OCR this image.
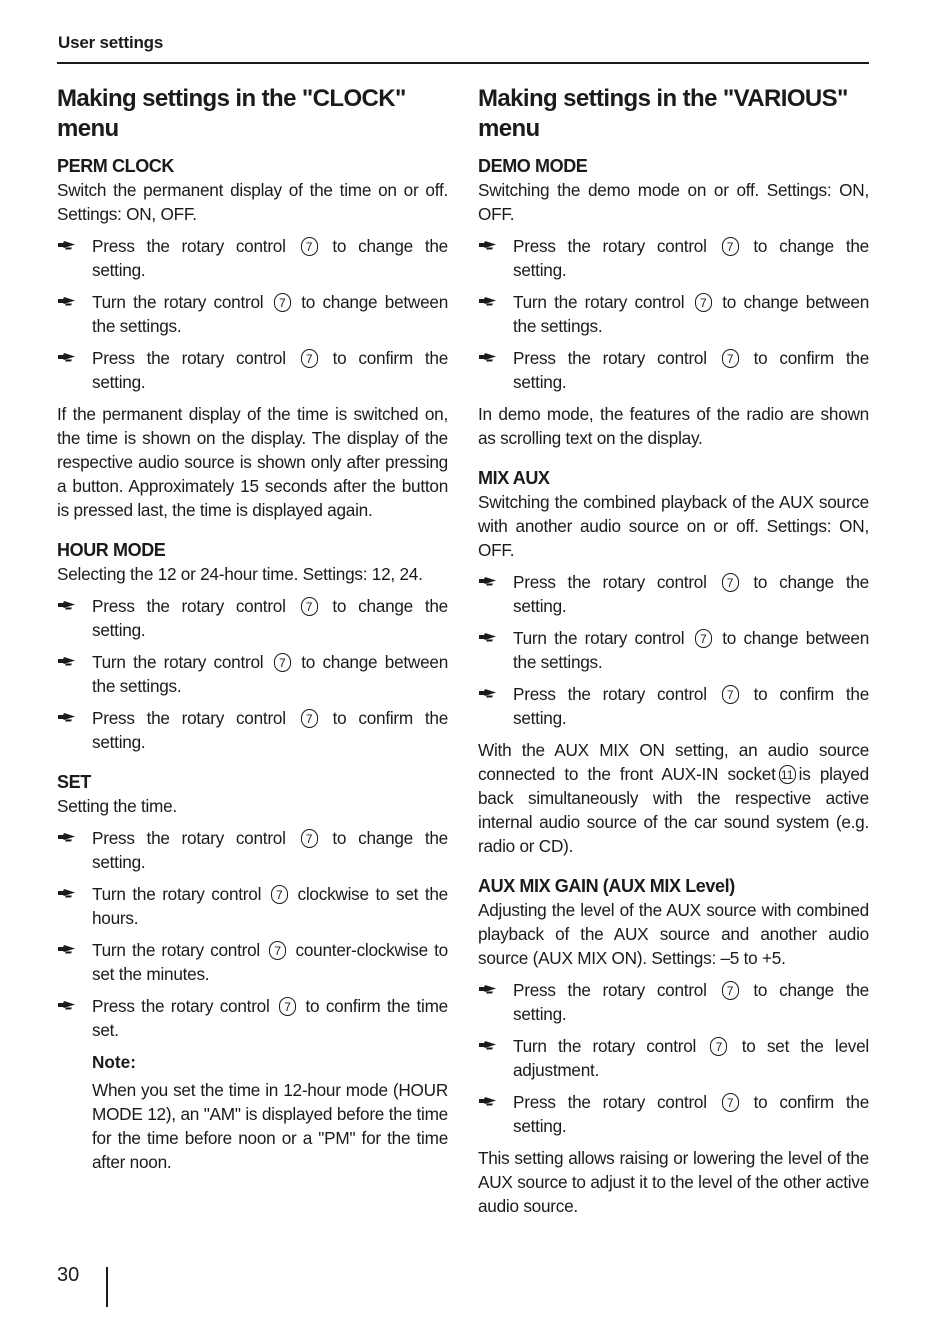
User settings
Making settings in the "CLOCK" menu
PERM CLOCK

Switch the permanent display of the time on or off. Settings: ON, OFF.

Press the rotary control 7 to change the setting.
Turn the rotary control 7 to change between the settings.
Press the rotary control 7 to confirm the setting.

If the permanent display of the time is switched on, the time is shown on the display. The display of the respective audio source is shown only after pressing a button. Approximately 15 seconds after the button is pressed last, the time is displayed again.

HOUR MODE

Selecting the 12 or 24-hour time. Settings: 12, 24.

Press the rotary control 7 to change the setting.
Turn the rotary control 7 to change between the settings.
Press the rotary control 7 to confirm the setting.
SET

Setting the time.

Press the rotary control 7 to change the setting.
Turn the rotary control 7 clockwise to set the hours.
Turn the rotary control 7 counter-clockwise to set the minutes.
Press the rotary control 7 to confirm the time set.
Note:

When you set the time in 12-hour mode (HOUR MODE 12), an "AM" is displayed before the time for the time before noon or a "PM" for the time after noon.

Making settings in the "VARIOUS" menu
DEMO MODE

Switching the demo mode on or off. Settings: ON, OFF.

Press the rotary control 7 to change the setting.
Turn the rotary control 7 to change between the settings.
Press the rotary control 7 to confirm the setting.

In demo mode, the features of the radio are shown as scrolling text on the display.

MIX AUX

Switching the combined playback of the AUX source with another audio source on or off. Settings: ON, OFF.

Press the rotary control 7 to change the setting.
Turn the rotary control 7 to change between the settings.
Press the rotary control 7 to confirm the setting.

With the AUX MIX ON setting, an audio source connected to the front AUX-IN socket 11 is played back simultaneously with the respective active internal audio source of the car sound system (e.g. radio or CD).

AUX MIX GAIN (AUX MIX Level)

Adjusting the level of the AUX source with combined playback of the AUX source and another audio source (AUX MIX ON). Settings: –5 to +5.

Press the rotary control 7 to change the setting.
Turn the rotary control 7 to set the level adjustment.
Press the rotary control 7 to confirm the setting.

This setting allows raising or lowering the level of the AUX source to adjust it to the level of the other active audio source.

30
